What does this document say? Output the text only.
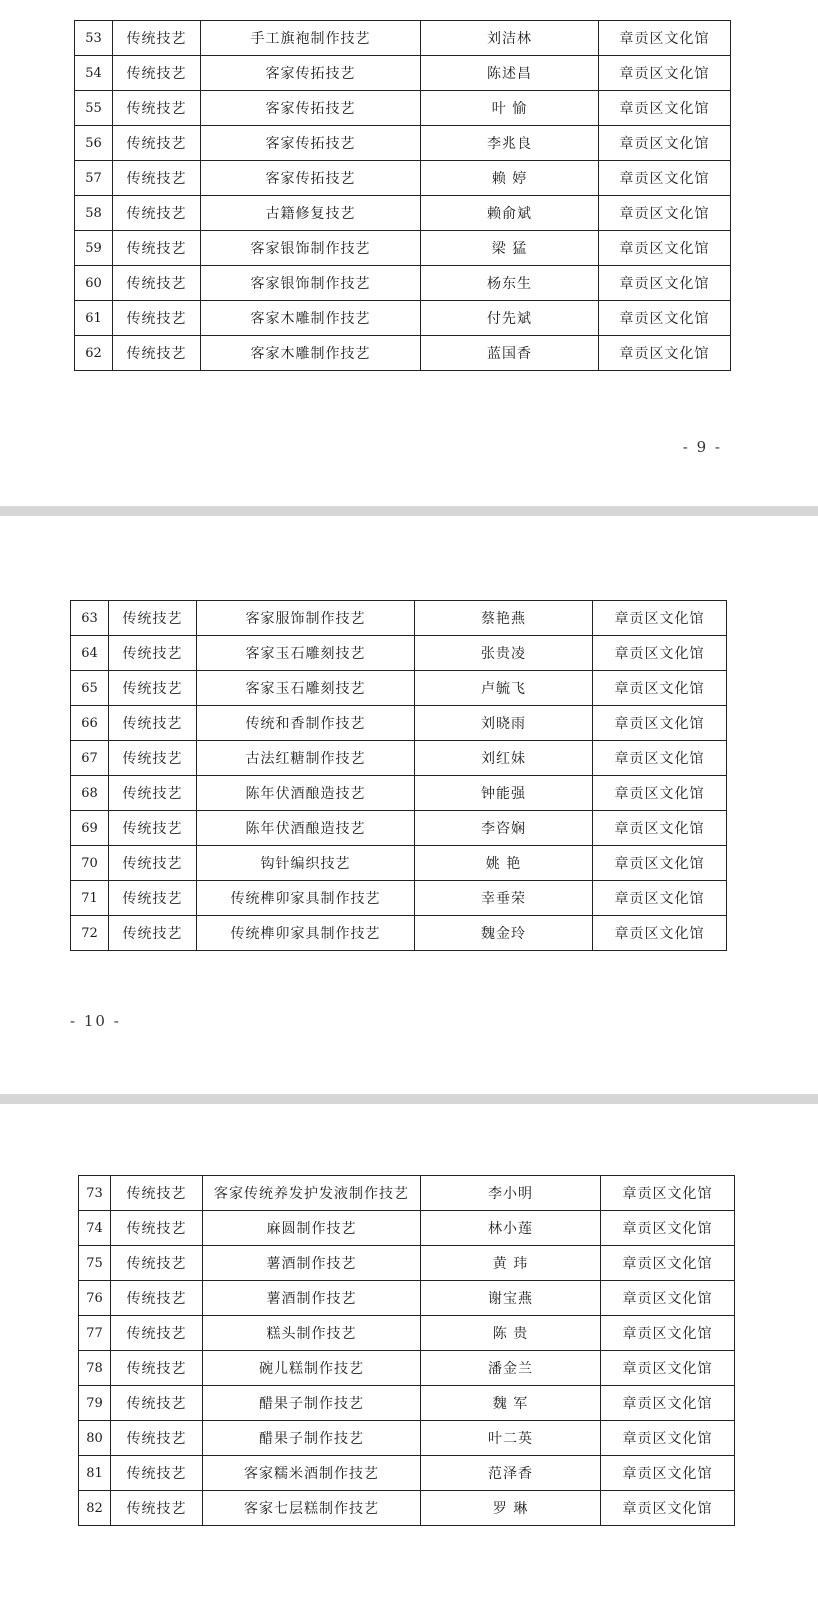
53	传统技艺	手工旗袍制作技艺	刘洁林	章贡区文化馆
54	传统技艺	客家传拓技艺	陈述昌	章贡区文化馆
55	传统技艺	客家传拓技艺	叶 愉	章贡区文化馆
56	传统技艺	客家传拓技艺	李兆良	章贡区文化馆
57	传统技艺	客家传拓技艺	赖 婷	章贡区文化馆
58	传统技艺	古籍修复技艺	赖俞斌	章贡区文化馆
59	传统技艺	客家银饰制作技艺	梁 猛	章贡区文化馆
60	传统技艺	客家银饰制作技艺	杨东生	章贡区文化馆
61	传统技艺	客家木雕制作技艺	付先斌	章贡区文化馆
62	传统技艺	客家木雕制作技艺	蓝国香	章贡区文化馆
- 9 -
63	传统技艺	客家服饰制作技艺	蔡艳燕	章贡区文化馆
64	传统技艺	客家玉石雕刻技艺	张贵凌	章贡区文化馆
65	传统技艺	客家玉石雕刻技艺	卢毓飞	章贡区文化馆
66	传统技艺	传统和香制作技艺	刘晓雨	章贡区文化馆
67	传统技艺	古法红糖制作技艺	刘红妹	章贡区文化馆
68	传统技艺	陈年伏酒酿造技艺	钟能强	章贡区文化馆
69	传统技艺	陈年伏酒酿造技艺	李咨娴	章贡区文化馆
70	传统技艺	钩针编织技艺	姚 艳	章贡区文化馆
71	传统技艺	传统榫卯家具制作技艺	幸垂荣	章贡区文化馆
72	传统技艺	传统榫卯家具制作技艺	魏金玲	章贡区文化馆
- 10 -
73	传统技艺	客家传统养发护发液制作技艺	李小明	章贡区文化馆
74	传统技艺	麻圆制作技艺	林小莲	章贡区文化馆
75	传统技艺	薯酒制作技艺	黄 玮	章贡区文化馆
76	传统技艺	薯酒制作技艺	谢宝燕	章贡区文化馆
77	传统技艺	糕头制作技艺	陈 贵	章贡区文化馆
78	传统技艺	碗儿糕制作技艺	潘金兰	章贡区文化馆
79	传统技艺	醋果子制作技艺	魏 军	章贡区文化馆
80	传统技艺	醋果子制作技艺	叶二英	章贡区文化馆
81	传统技艺	客家糯米酒制作技艺	范泽香	章贡区文化馆
82	传统技艺	客家七层糕制作技艺	罗 琳	章贡区文化馆
